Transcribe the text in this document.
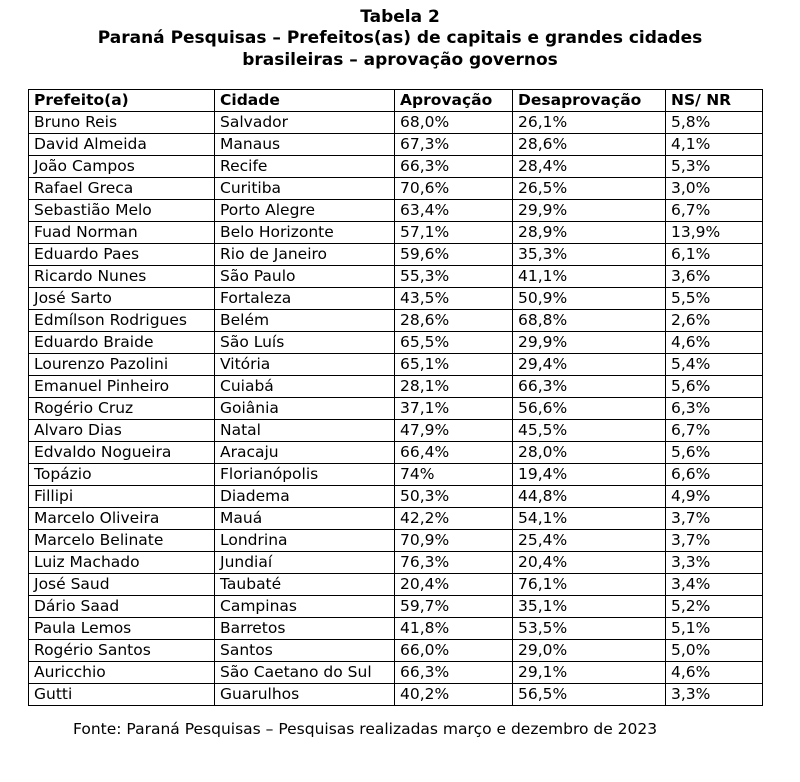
Tabela 2
Paraná Pesquisas – Prefeitos(as) de capitais e grandes cidades
brasileiras – aprovação governos
Prefeito(a)	Cidade	Aprovação	Desaprovação	NS/ NR
Bruno Reis	Salvador	68,0%	26,1%	5,8%
David Almeida	Manaus	67,3%	28,6%	4,1%
João Campos	Recife	66,3%	28,4%	5,3%
Rafael Greca	Curitiba	70,6%	26,5%	3,0%
Sebastião Melo	Porto Alegre	63,4%	29,9%	6,7%
Fuad Norman	Belo Horizonte	57,1%	28,9%	13,9%
Eduardo Paes	Rio de Janeiro	59,6%	35,3%	6,1%
Ricardo Nunes	São Paulo	55,3%	41,1%	3,6%
José Sarto	Fortaleza	43,5%	50,9%	5,5%
Edmílson Rodrigues	Belém	28,6%	68,8%	2,6%
Eduardo Braide	São Luís	65,5%	29,9%	4,6%
Lourenzo Pazolini	Vitória	65,1%	29,4%	5,4%
Emanuel Pinheiro	Cuiabá	28,1%	66,3%	5,6%
Rogério Cruz	Goiânia	37,1%	56,6%	6,3%
Alvaro Dias	Natal	47,9%	45,5%	6,7%
Edvaldo Nogueira	Aracaju	66,4%	28,0%	5,6%
Topázio	Florianópolis	74%	19,4%	6,6%
Fillipi	Diadema	50,3%	44,8%	4,9%
Marcelo Oliveira	Mauá	42,2%	54,1%	3,7%
Marcelo Belinate	Londrina	70,9%	25,4%	3,7%
Luiz Machado	Jundiaí	76,3%	20,4%	3,3%
José Saud	Taubaté	20,4%	76,1%	3,4%
Dário Saad	Campinas	59,7%	35,1%	5,2%
Paula Lemos	Barretos	41,8%	53,5%	5,1%
Rogério Santos	Santos	66,0%	29,0%	5,0%
Auricchio	São Caetano do Sul	66,3%	29,1%	4,6%
Gutti	Guarulhos	40,2%	56,5%	3,3%
Fonte: Paraná Pesquisas – Pesquisas realizadas março e dezembro de 2023
